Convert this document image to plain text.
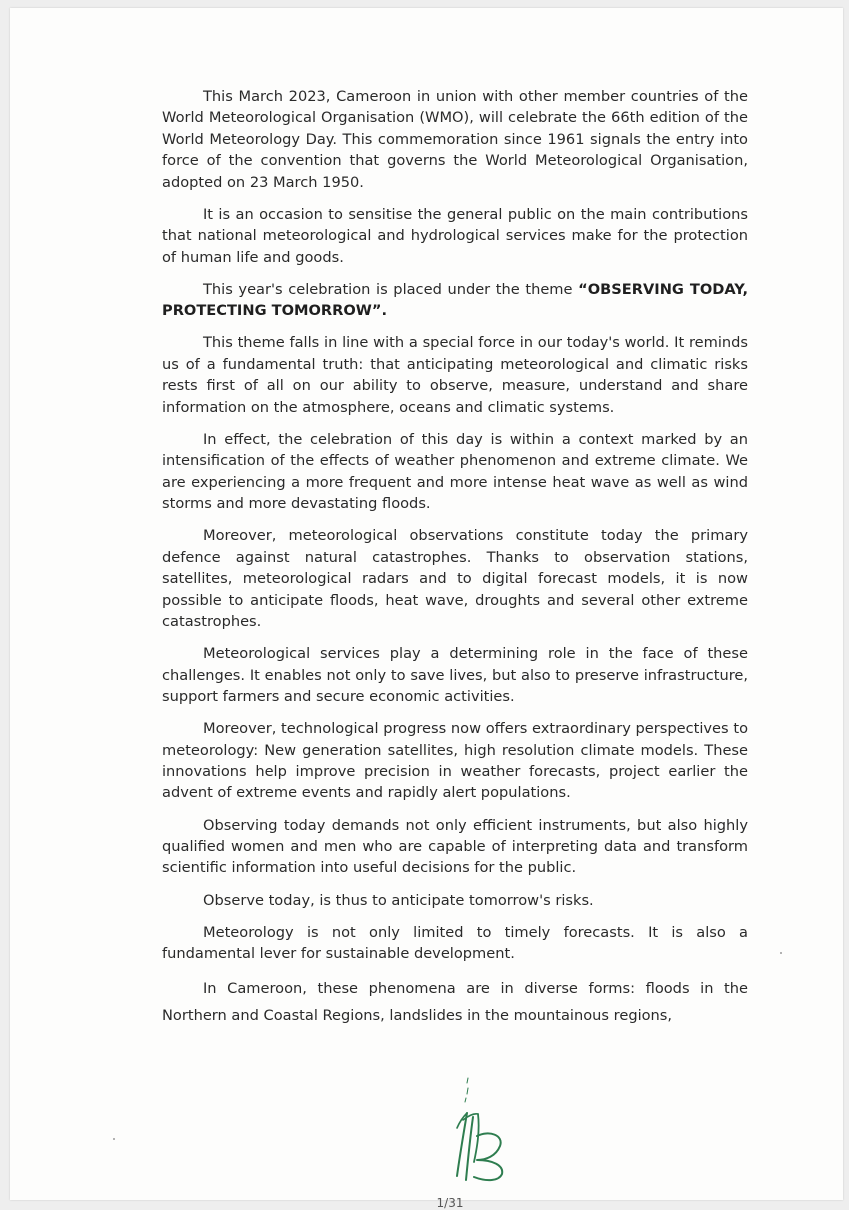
This March 2023, Cameroon in union with other member countries of the World Meteorological Organisation (WMO), will celebrate the 66th edition of the World Meteorology Day. This commemoration since 1961 signals the entry into force of the convention that governs the World Meteorological Organisation, adopted on 23 March 1950.

It is an occasion to sensitise the general public on the main contributions that national meteorological and hydrological services make for the protection of human life and goods.

This year's celebration is placed under the theme “OBSERVING TODAY, PROTECTING TOMORROW”.

This theme falls in line with a special force in our today's world. It reminds us of a fundamental truth: that anticipating meteorological and climatic risks rests first of all on our ability to observe, measure, understand and share information on the atmosphere, oceans and climatic systems.

In effect, the celebration of this day is within a context marked by an intensification of the effects of weather phenomenon and extreme climate. We are experiencing a more frequent and more intense heat wave as well as wind storms and more devastating floods.

Moreover, meteorological observations constitute today the primary defence against natural catastrophes. Thanks to observation stations, satellites, meteorological radars and to digital forecast models, it is now possible to anticipate floods, heat wave, droughts and several other extreme catastrophes.

Meteorological services play a determining role in the face of these challenges. It enables not only to save lives, but also to preserve infrastructure, support farmers and secure economic activities.

Moreover, technological progress now offers extraordinary perspectives to meteorology: New generation satellites, high resolution climate models. These innovations help improve precision in weather forecasts, project earlier the advent of extreme events and rapidly alert populations.

Observing today demands not only efficient instruments, but also highly qualified women and men who are capable of interpreting data and transform scientific information into useful decisions for the public.

Observe today, is thus to anticipate tomorrow's risks.

Meteorology is not only limited to timely forecasts. It is also a fundamental lever for sustainable development.

In Cameroon, these phenomena are in diverse forms: floods in the Northern and Coastal Regions, landslides in the mountainous regions,

1/31
